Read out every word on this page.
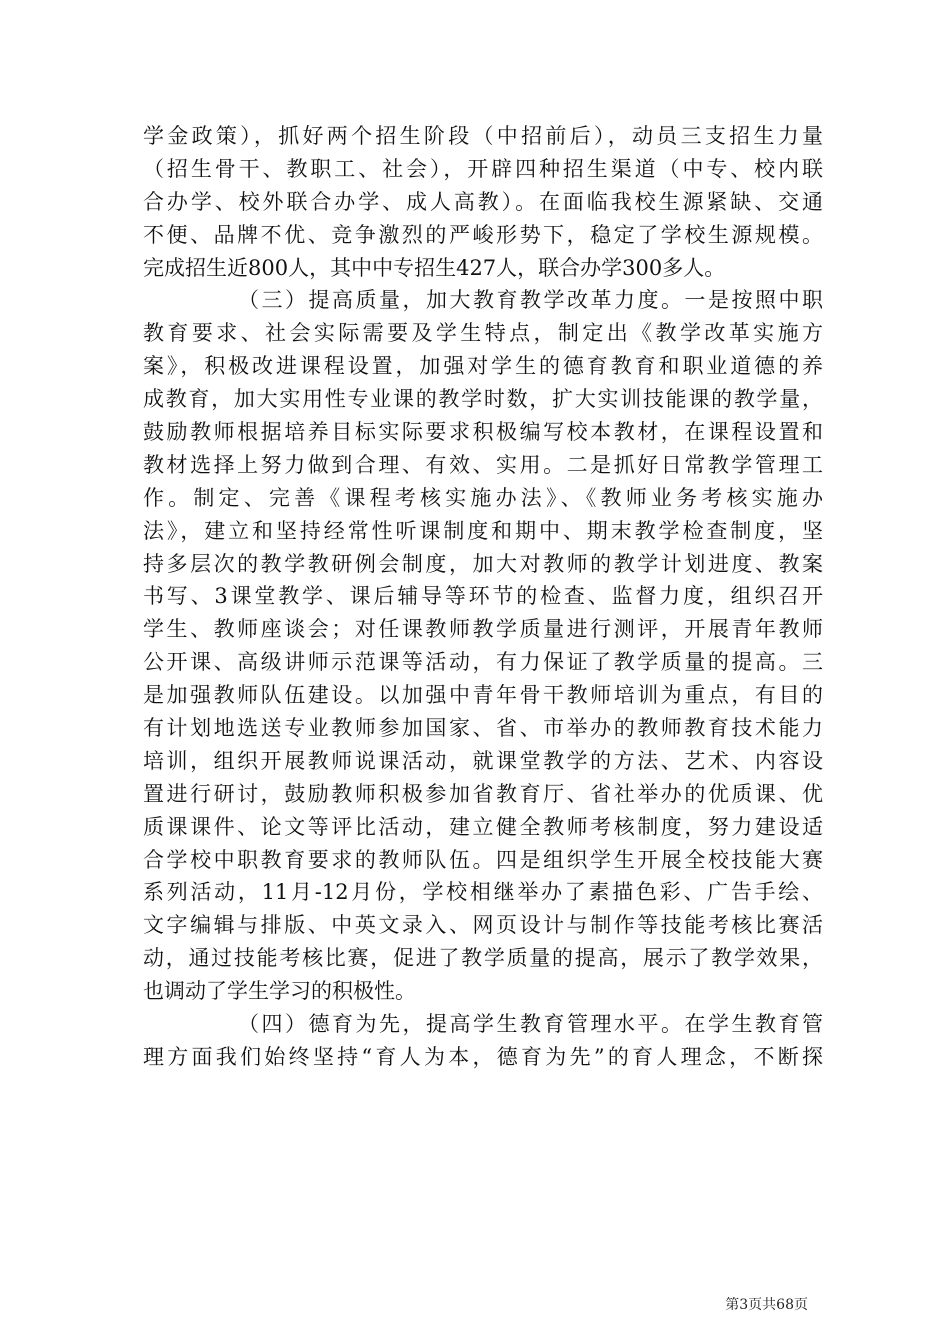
学金政策），抓好两个招生阶段（中招前后），动员三支招生力量
（招生骨干、教职工、社会），开辟四种招生渠道（中专、校内联
合办学、校外联合办学、成人高教）。在面临我校生源紧缺、交通
不便、品牌不优、竞争激烈的严峻形势下，稳定了学校生源规模。
完成招生近800人，其中中专招生427人，联合办学300多人。
（三）提高质量，加大教育教学改革力度。一是按照中职
教育要求、社会实际需要及学生特点，制定出《教学改革实施方
案》，积极改进课程设置，加强对学生的德育教育和职业道德的养
成教育，加大实用性专业课的教学时数，扩大实训技能课的教学量，
鼓励教师根据培养目标实际要求积极编写校本教材，在课程设置和
教材选择上努力做到合理、有效、实用。二是抓好日常教学管理工
作。制定、完善《课程考核实施办法》、《教师业务考核实施办
法》，建立和坚持经常性听课制度和期中、期末教学检查制度，坚
持多层次的教学教研例会制度，加大对教师的教学计划进度、教案
书写、3课堂教学、课后辅导等环节的检查、监督力度，组织召开
学生、教师座谈会；对任课教师教学质量进行测评，开展青年教师
公开课、高级讲师示范课等活动，有力保证了教学质量的提高。三
是加强教师队伍建设。以加强中青年骨干教师培训为重点，有目的
有计划地选送专业教师参加国家、省、市举办的教师教育技术能力
培训，组织开展教师说课活动，就课堂教学的方法、艺术、内容设
置进行研讨，鼓励教师积极参加省教育厅、省社举办的优质课、优
质课课件、论文等评比活动，建立健全教师考核制度，努力建设适
合学校中职教育要求的教师队伍。四是组织学生开展全校技能大赛
系列活动，11月-12月份，学校相继举办了素描色彩、广告手绘、
文字编辑与排版、中英文录入、网页设计与制作等技能考核比赛活
动，通过技能考核比赛，促进了教学质量的提高，展示了教学效果，
也调动了学生学习的积极性。
（四）德育为先，提高学生教育管理水平。在学生教育管
理方面我们始终坚持“育人为本，德育为先”的育人理念，不断探
第3页共68页
